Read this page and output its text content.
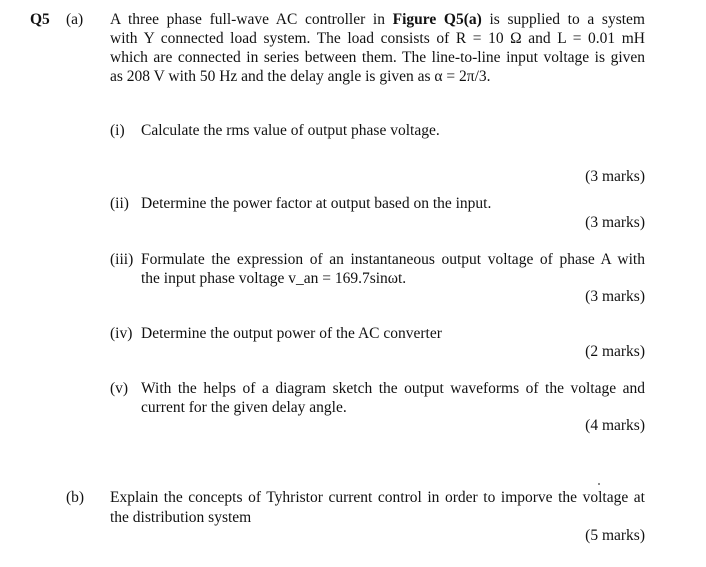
Q5 (a) A three phase full-wave AC controller in Figure Q5(a) is supplied to a system
with Y connected load system. The load consists of R = 10 Ω and L = 0.01 mH
which are connected in series between them. The line-to-line input voltage is given
as 208 V with 50 Hz and the delay angle is given as α = 2π/3.
(i) Calculate the rms value of output phase voltage.
(3 marks)
(ii) Determine the power factor at output based on the input.
(3 marks)
(iii) Formulate the expression of an instantaneous output voltage of phase A with
the input phase voltage v_an = 169.7sinωt.
(3 marks)
(iv) Determine the output power of the AC converter
(2 marks)
(v) With the helps of a diagram sketch the output waveforms of the voltage and
current for the given delay angle.
(4 marks)
(b) Explain the concepts of Tyhristor current control in order to imporve the voltage at
the distribution system
(5 marks)
